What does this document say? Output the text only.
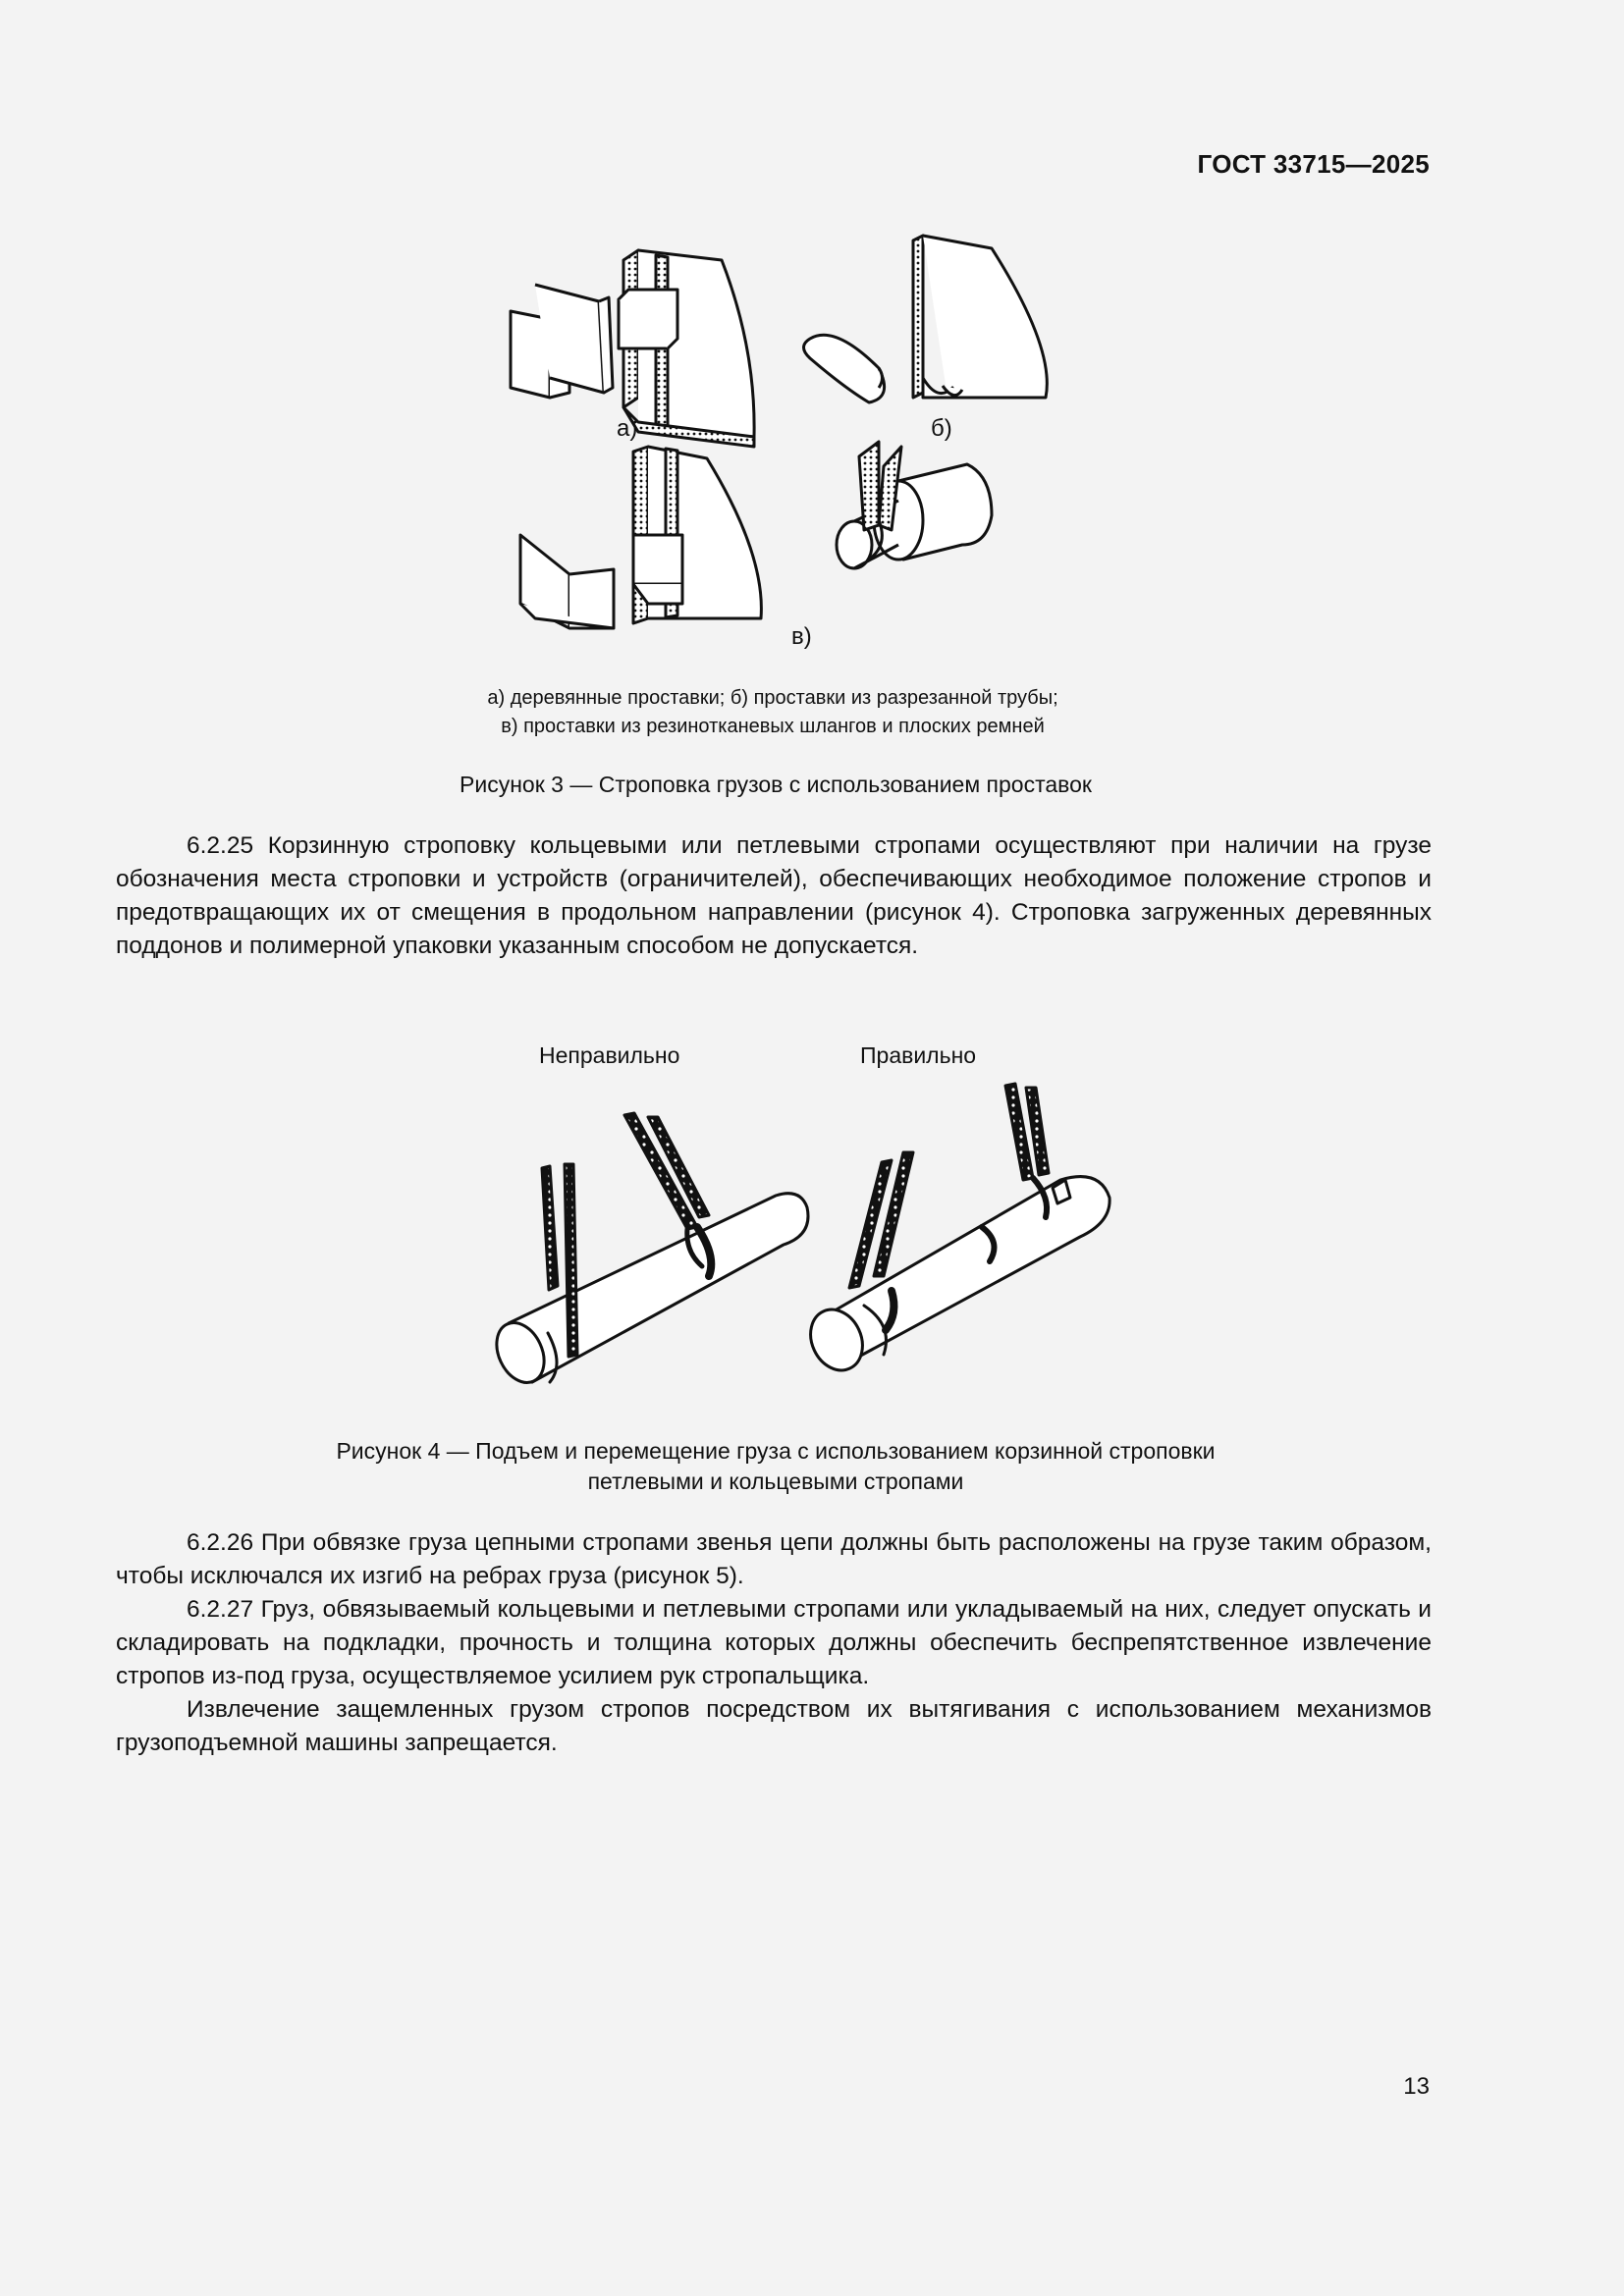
ГОСТ 33715—2025
а)	б)
в)
а) деревянные проставки; б) проставки из разрезанной трубы;
в) проставки из резинотканевых шлангов и плоских ремней
Рисунок 3 — Строповка грузов с использованием проставок

6.2.25 Корзинную строповку кольцевыми или петлевыми стропами осуществляют при наличии на грузе обозначения места строповки и устройств (ограничителей), обеспечивающих необходимое положение стропов и предотвращающих их от смещения в продольном направлении (рисунок 4). Строповка загруженных деревянных поддонов и полимерной упаковки указанным способом не допускается.

Неправильно	Правильно
Рисунок 4 — Подъем и перемещение груза с использованием корзинной строповки
петлевыми и кольцевыми стропами

6.2.26 При обвязке груза цепными стропами звенья цепи должны быть расположены на грузе таким образом, чтобы исключался их изгиб на ребрах груза (рисунок 5).

6.2.27 Груз, обвязываемый кольцевыми и петлевыми стропами или укладываемый на них, следует опускать и складировать на подкладки, прочность и толщина которых должны обеспечить беспрепятственное извлечение стропов из-под груза, осуществляемое усилием рук стропальщика.

Извлечение защемленных грузом стропов посредством их вытягивания с использованием механизмов грузоподъемной машины запрещается.

13
